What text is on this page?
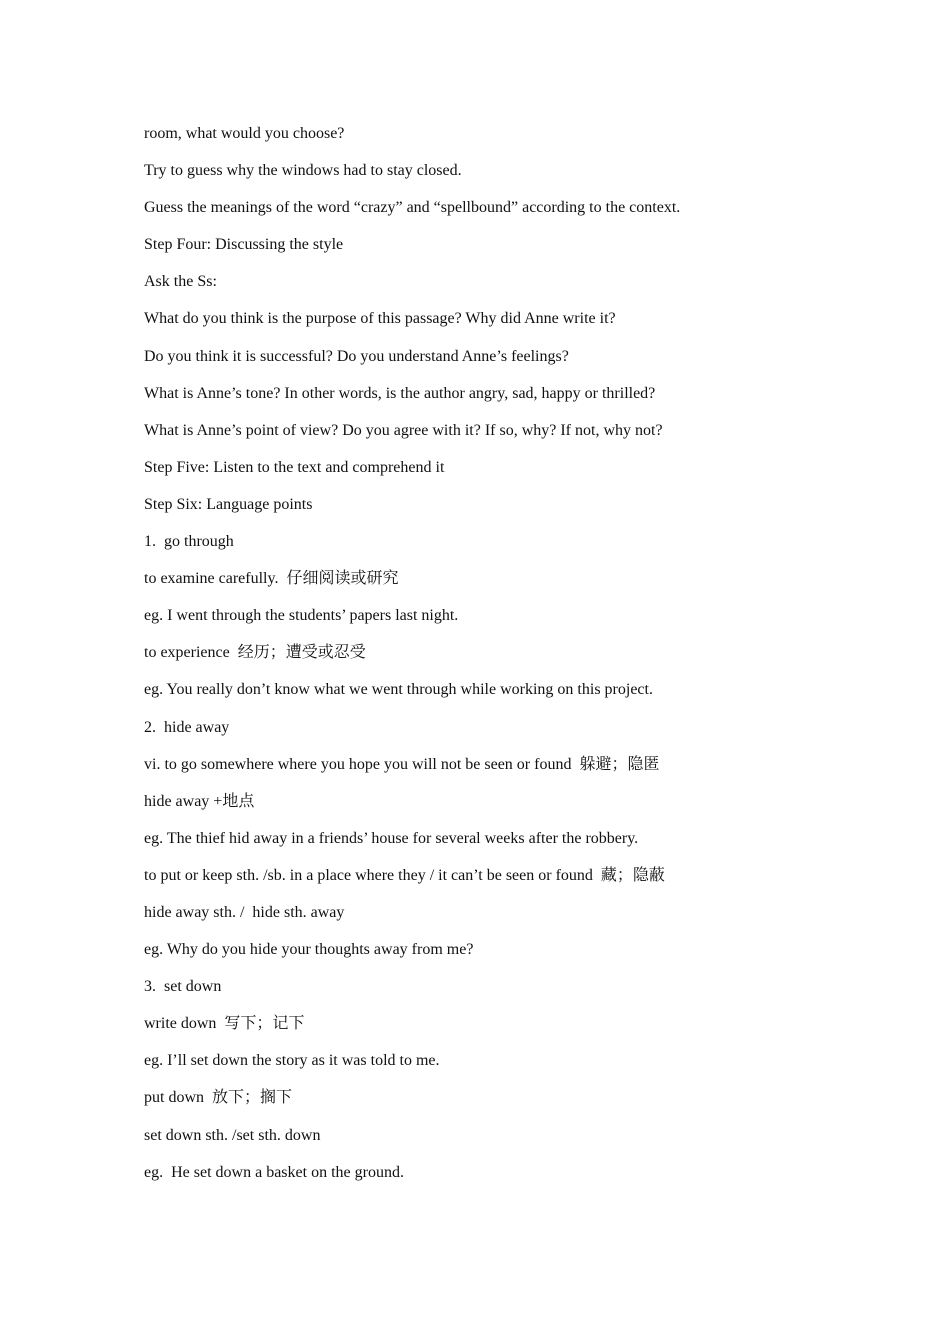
room, what would you choose?
Try to guess why the windows had to stay closed.
Guess the meanings of the word “crazy” and “spellbound” according to the context.
Step Four: Discussing the style
Ask the Ss:
What do you think is the purpose of this passage? Why did Anne write it?
Do you think it is successful? Do you understand Anne’s feelings?
What is Anne’s tone? In other words, is the author angry, sad, happy or thrilled?
What is Anne’s point of view? Do you agree with it? If so, why? If not, why not?
Step Five: Listen to the text and comprehend it
Step Six: Language points
1.  go through
to examine carefully.  仔细阅读或研究
eg. I went through the students’ papers last night.
to experience  经历；遭受或忍受
eg. You really don’t know what we went through while working on this project.
2.  hide away
vi. to go somewhere where you hope you will not be seen or found  躲避；隐匿
hide away +地点
eg. The thief hid away in a friends’ house for several weeks after the robbery.
to put or keep sth. /sb. in a place where they / it can’t be seen or found  藏；隐蔽
hide away sth. /  hide sth. away
eg. Why do you hide your thoughts away from me?
3.  set down
write down  写下；记下
eg. I’ll set down the story as it was told to me.
put down  放下；搁下
set down sth. /set sth. down
eg.  He set down a basket on the ground.
